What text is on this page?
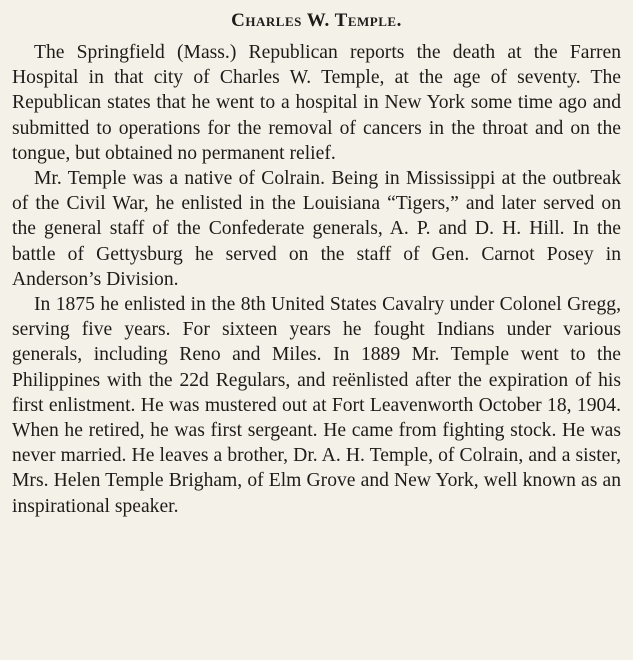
Charles W. Temple.

The Springfield (Mass.) Republican reports the death at the Farren Hospital in that city of Charles W. Temple, at the age of seventy. The Republican states that he went to a hospital in New York some time ago and submitted to operations for the removal of cancers in the throat and on the tongue, but obtained no permanent relief.

Mr. Temple was a native of Colrain. Being in Mississippi at the outbreak of the Civil War, he enlisted in the Louisiana “Tigers,” and later served on the general staff of the Confederate generals, A. P. and D. H. Hill. In the battle of Gettysburg he served on the staff of Gen. Carnot Posey in Anderson’s Division.

In 1875 he enlisted in the 8th United States Cavalry under Colonel Gregg, serving five years. For sixteen years he fought Indians under various generals, including Reno and Miles. In 1889 Mr. Temple went to the Philippines with the 22d Regulars, and reënlisted after the expiration of his first enlistment. He was mustered out at Fort Leavenworth October 18, 1904. When he retired, he was first sergeant. He came from fighting stock. He was never married. He leaves a brother, Dr. A. H. Temple, of Colrain, and a sister, Mrs. Helen Temple Brigham, of Elm Grove and New York, well known as an inspirational speaker.
